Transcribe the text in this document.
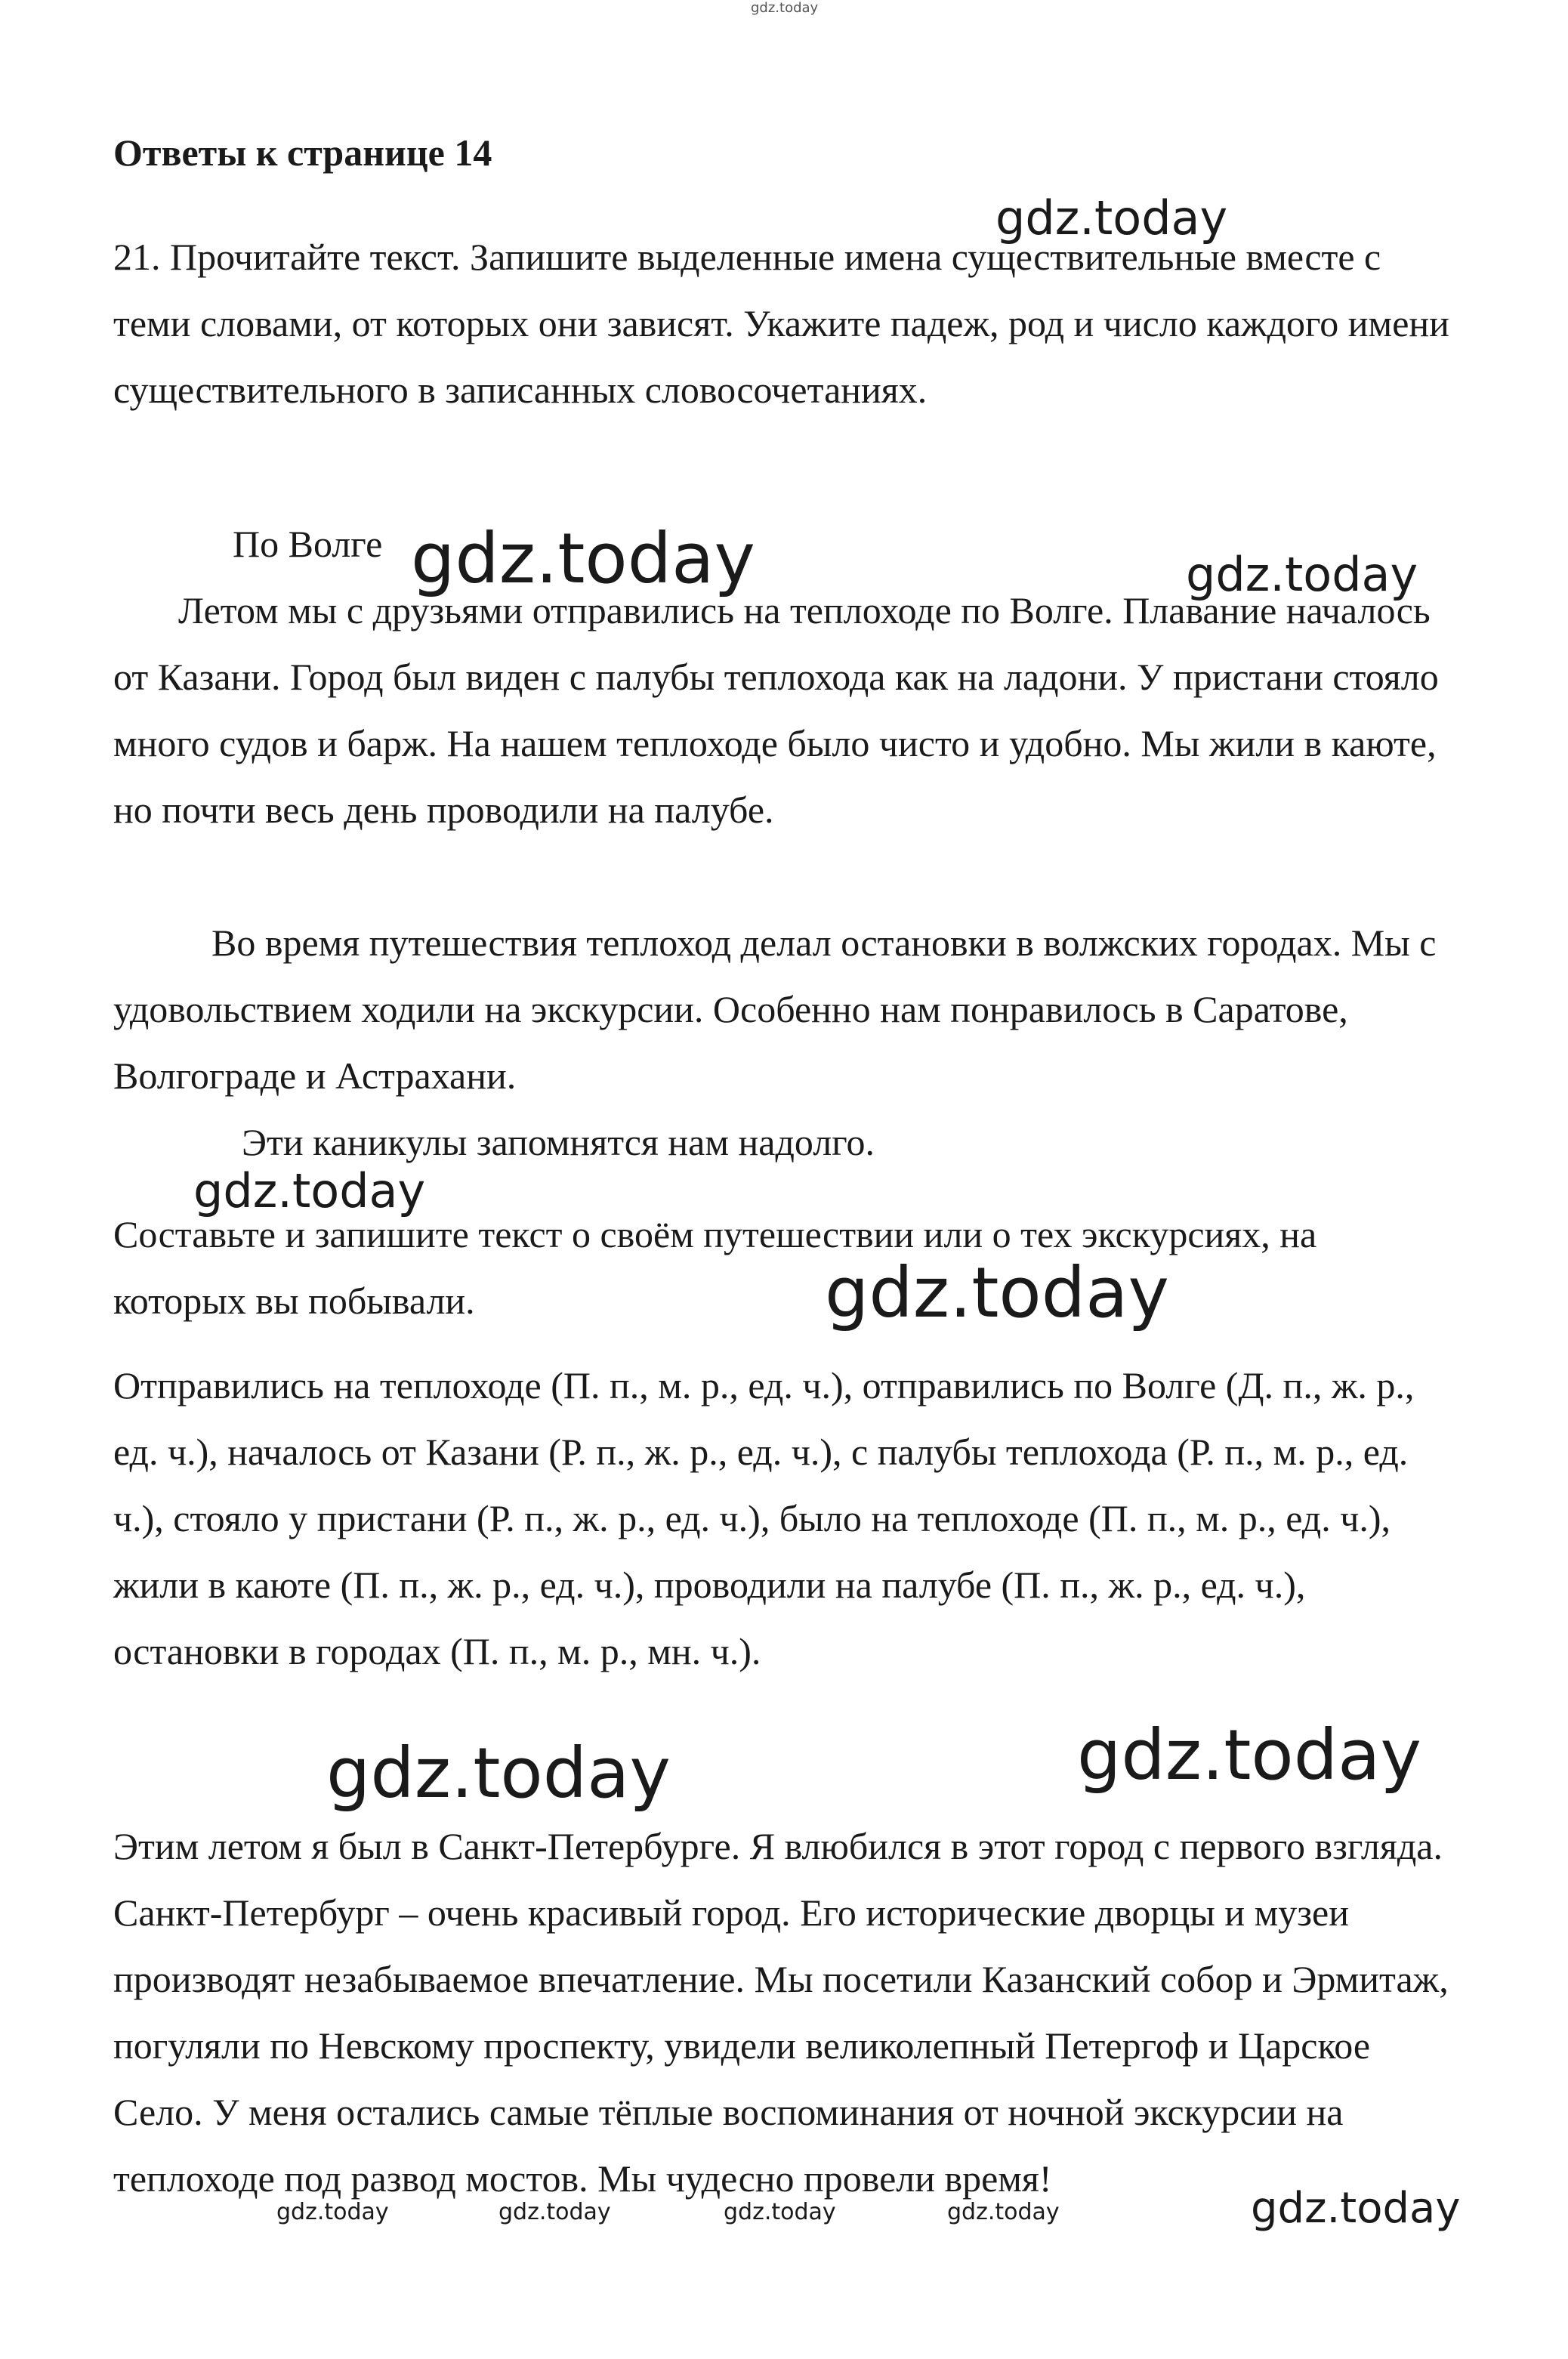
Ответы к странице 14

21. Прочитайте текст. Запишите выделенные имена существительные вместе с теми словами, от которых они зависят. Укажите падеж, род и число каждого имени существительного в записанных словосочетаниях.

По Волге

Летом мы с друзьями отправились на теплоходе по Волге. Плавание началось от Казани. Город был виден с палубы теплохода как на ладони. У пристани стояло много судов и барж. На нашем теплоходе было чисто и удобно. Мы жили в каюте, но почти весь день проводили на палубе.

Во время путешествия теплоход делал остановки в волжских городах. Мы с удовольствием ходили на экскурсии. Особенно нам понравилось в Саратове, Волгограде и Астрахани.

Эти каникулы запомнятся нам надолго.

Составьте и запишите текст о своём путешествии или о тех экскурсиях, на которых вы побывали.

Отправились на теплоходе (П. п., м. р., ед. ч.), отправились по Волге (Д. п., ж. р., ед. ч.), началось от Казани (Р. п., ж. р., ед. ч.), с палубы теплохода (Р. п., м. р., ед. ч.), стояло у пристани (Р. п., ж. р., ед. ч.), было на теплоходе (П. п., м. р., ед. ч.), жили в каюте (П. п., ж. р., ед. ч.), проводили на палубе (П. п., ж. р., ед. ч.), остановки в городах (П. п., м. р., мн. ч.).

Этим летом я был в Санкт-Петербурге. Я влюбился в этот город с первого взгляда. Санкт-Петербург – очень красивый город. Его исторические дворцы и музеи производят незабываемое впечатление. Мы посетили Казанский собор и Эрмитаж, погуляли по Невскому проспекту, увидели великолепный Петергоф и Царское Село. У меня остались самые тёплые воспоминания от ночной экскурсии на теплоходе под развод мостов. Мы чудесно провели время!

gdz.today
gdz.today
gdz.today	gdz.today
gdz.today
gdz.today
gdz.today	gdz.today
gdz.today	gdz.today	gdz.today	gdz.today	gdz.today
